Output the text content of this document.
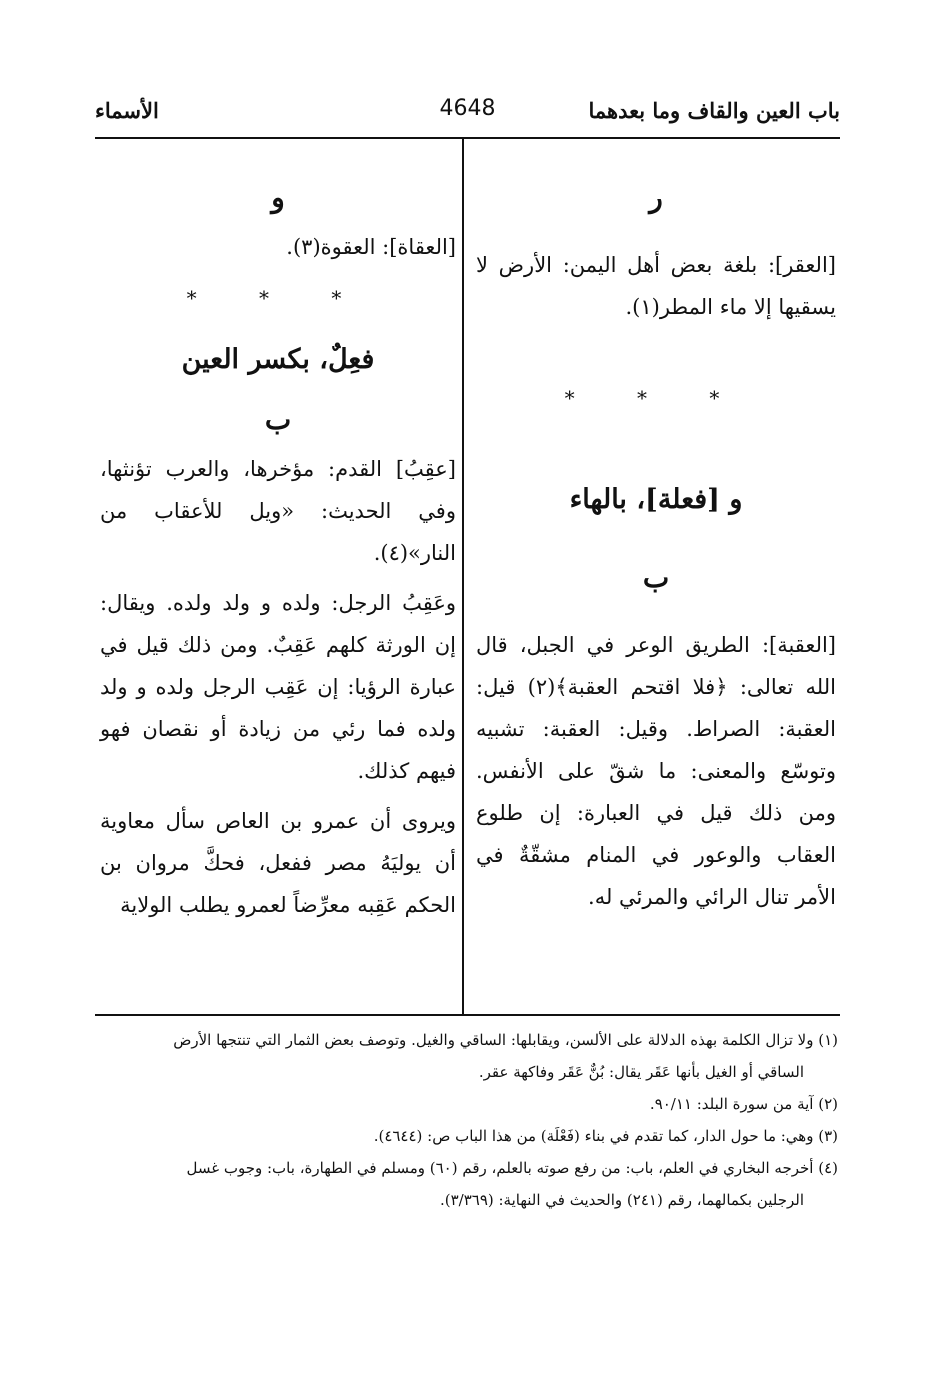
باب العين والقاف وما بعدهما
4648
الأسماء
ر

[العقر]: بلغة بعض أهل اليمن: الأرض لا يسقيها إلا ماء المطر(١).

* * *
و [فعلة]، بالهاء
ب

[العقبة]: الطريق الوعر في الجبل، قال الله تعالى: ﴿فلا اقتحم العقبة﴾(٢) قيل: العقبة: الصراط. وقيل: العقبة: تشبيه وتوسّع والمعنى: ما شقّ على الأنفس. ومن ذلك قيل في العبارة: إن طلوع العقاب والوعور في المنام مشقّةٌ في الأمر تنال الرائي والمرئي له.

و

[العقاة]: العقوة(٣).

* * *
فعِلٌ، بكسر العين
ب

[عقِبُ] القدم: مؤخرها، والعرب تؤنثها، وفي الحديث: «ويل للأعقاب من النار»(٤).

وعَقِبُ الرجل: ولده و ولد ولده. ويقال: إن الورثة كلهم عَقِبٌ. ومن ذلك قيل في عبارة الرؤيا: إن عَقِب الرجل ولده و ولد ولده فما رئي من زيادة أو نقصان فهو فيهم كذلك.

ويروى أن عمرو بن العاص سأل معاوية أن يوليَهُ مصر ففعل، فحكَّ مروان بن الحكم عَقِبه معرِّضاً لعمرو يطلب الولاية

(١) ولا تزال الكلمة بهذه الدلالة على الألسن، ويقابلها: الساقي والغيل. وتوصف بعض الثمار التي تنتجها الأرض

الساقي أو الغيل بأنها عَقَر يقال: بُنٌّ عَقَر وفاكهة عقر.

(٢) آية من سورة البلد: ٩٠/١١.

(٣) وهي: ما حول الدار، كما تقدم في بناء (فَعْلَة) من هذا الباب ص: (٤٦٤٤).

(٤) أخرجه البخاري في العلم، باب: من رفع صوته بالعلم، رقم (٦٠) ومسلم في الطهارة، باب: وجوب غسل

الرجلين بكمالهما، رقم (٢٤١) والحديث في النهاية: (٣/٣٦٩).
